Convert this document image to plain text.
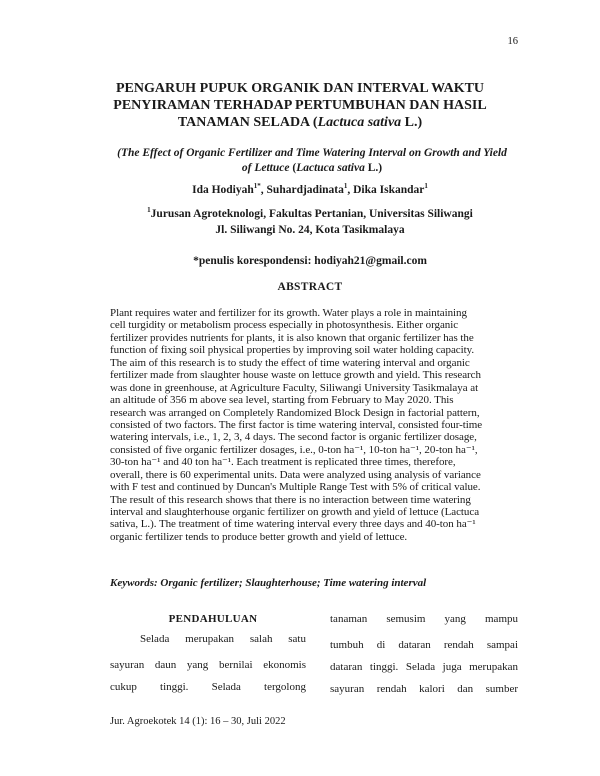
16
PENGARUH PUPUK ORGANIK DAN INTERVAL WAKTU
PENYIRAMAN TERHADAP PERTUMBUHAN DAN HASIL
TANAMAN SELADA (Lactuca sativa L.)
(The Effect of Organic Fertilizer and Time Watering Interval on Growth and Yield
of Lettuce (Lactuca sativa L.)
Ida Hodiyah$^{1*}$, Suhardjadinata$^1$, Dika Iskandar$^1$
$^1$Jurusan Agroteknologi, Fakultas Pertanian, Universitas Siliwangi
Jl. Siliwangi No. 24, Kota Tasikmalaya
*penulis korespondensi: hodiyah21@gmail.com
ABSTRACT
Plant requires water and fertilizer for its growth. Water plays a role in maintaining
cell turgidity or metabolism process especially in photosynthesis. Either organic
fertilizer provides nutrients for plants, it is also known that organic fertilizer has the
function of fixing soil physical properties by improving soil water holding capacity.
The aim of this research is to study the effect of time watering interval and organic
fertilizer made from slaughter house waste on lettuce growth and yield. This research
was done in greenhouse, at Agriculture Faculty, Siliwangi University Tasikmalaya at
an altitude of 356 m above sea level, starting from February to May 2020. This
research was arranged on Completely Randomized Block Design in factorial pattern,
consisted of two factors. The first factor is time watering interval, consisted four-time
watering intervals, i.e., 1, 2, 3, 4 days. The second factor is organic fertilizer dosage,
consisted of five organic fertilizer dosages, i.e., 0-ton ha⁻¹, 10-ton ha⁻¹, 20-ton ha⁻¹,
30-ton ha⁻¹ and 40 ton ha⁻¹. Each treatment is replicated three times, therefore,
overall, there is 60 experimental units. Data were analyzed using analysis of variance
with F test and continued by Duncan's Multiple Range Test with 5% of critical value.
The result of this research shows that there is no interaction between time watering
interval and slaughterhouse organic fertilizer on growth and yield of lettuce (Lactuca
sativa, L.). The treatment of time watering interval every three days and 40-ton ha⁻¹
organic fertilizer tends to produce better growth and yield of lettuce.
Keywords: Organic fertilizer; Slaughterhouse; Time watering interval
PENDAHULUAN
Selada merupakan salah satu
sayuran daun yang bernilai ekonomis
cukup tinggi. Selada tergolong
tanaman semusim yang mampu
tumbuh di dataran rendah sampai
dataran tinggi. Selada juga merupakan
sayuran rendah kalori dan sumber
Jur. Agroekotek 14 (1): 16 – 30, Juli 2022
